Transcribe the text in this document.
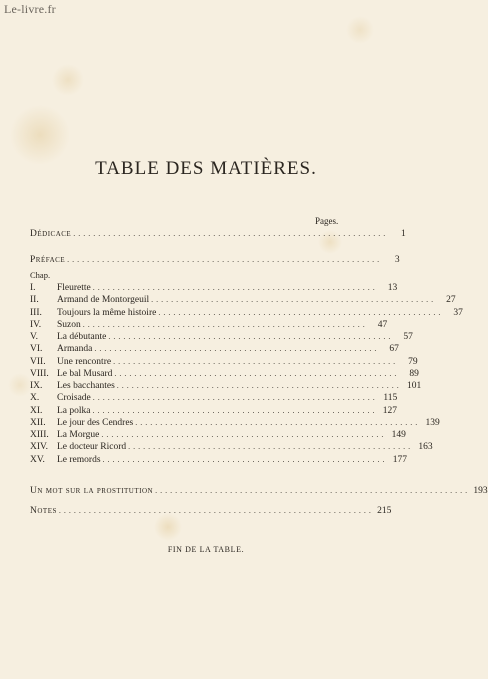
Le-livre.fr
TABLE DES MATIÈRES.
Pages.
Dédicace . . . . . . . . . . . . . . . . . . . . . . . . . . . . . . . . . . . . . . . . . . . . . . . . . . . . . . . . . . . . . . .	1
Préface . . . . . . . . . . . . . . . . . . . . . . . . . . . . . . . . . . . . . . . . . . . . . . . . . . . . . . . . . . . . . . .	3
Chap.
I.	Fleurette . . . . . . . . . . . . . . . . . . . . . . . . . . . . . . . . . . . . . . . . . . . . . . . . . . . . . . . . .	13
II.	Armand de Montorgeuil . . . . . . . . . . . . . . . . . . . . . . . . . . . . . . . . . . . . . . . . . . . . . . . . . . . . . . . . .	27
III.	Toujours la même histoire . . . . . . . . . . . . . . . . . . . . . . . . . . . . . . . . . . . . . . . . . . . . . . . . . . . . . . . . .	37
IV.	Suzon . . . . . . . . . . . . . . . . . . . . . . . . . . . . . . . . . . . . . . . . . . . . . . . . . . . . . . . . .	47
V.	La débutante . . . . . . . . . . . . . . . . . . . . . . . . . . . . . . . . . . . . . . . . . . . . . . . . . . . . . . . . .	57
VI.	Armanda . . . . . . . . . . . . . . . . . . . . . . . . . . . . . . . . . . . . . . . . . . . . . . . . . . . . . . . . .	67
VII.	Une rencontre . . . . . . . . . . . . . . . . . . . . . . . . . . . . . . . . . . . . . . . . . . . . . . . . . . . . . . . . .	79
VIII. Le bal Musard . . . . . . . . . . . . . . . . . . . . . . . . . . . . . . . . . . . . . . . . . . . . . . . . . . . . . . . . .	89
IX.	Les bacchantes . . . . . . . . . . . . . . . . . . . . . . . . . . . . . . . . . . . . . . . . . . . . . . . . . . . . . . . . . 101
X.	Croisade . . . . . . . . . . . . . . . . . . . . . . . . . . . . . . . . . . . . . . . . . . . . . . . . . . . . . . . . . 115
XI.	La polka . . . . . . . . . . . . . . . . . . . . . . . . . . . . . . . . . . . . . . . . . . . . . . . . . . . . . . . . . 127
XII.	Le jour des Cendres . . . . . . . . . . . . . . . . . . . . . . . . . . . . . . . . . . . . . . . . . . . . . . . . . . . . . . . . . 139
XIII. La Morgue . . . . . . . . . . . . . . . . . . . . . . . . . . . . . . . . . . . . . . . . . . . . . . . . . . . . . . . . . 149
XIV. Le docteur Ricord . . . . . . . . . . . . . . . . . . . . . . . . . . . . . . . . . . . . . . . . . . . . . . . . . . . . . . . . . 163
XV.	Le remords . . . . . . . . . . . . . . . . . . . . . . . . . . . . . . . . . . . . . . . . . . . . . . . . . . . . . . . . . 177
Un mot sur la prostitution . . . . . . . . . . . . . . . . . . . . . . . . . . . . . . . . . . . . . . . . . . . . . . . . . . . . . . . . . . . . . . . 193
Notes . . . . . . . . . . . . . . . . . . . . . . . . . . . . . . . . . . . . . . . . . . . . . . . . . . . . . . . . . . . . . . . 215
FIN DE LA TABLE.
